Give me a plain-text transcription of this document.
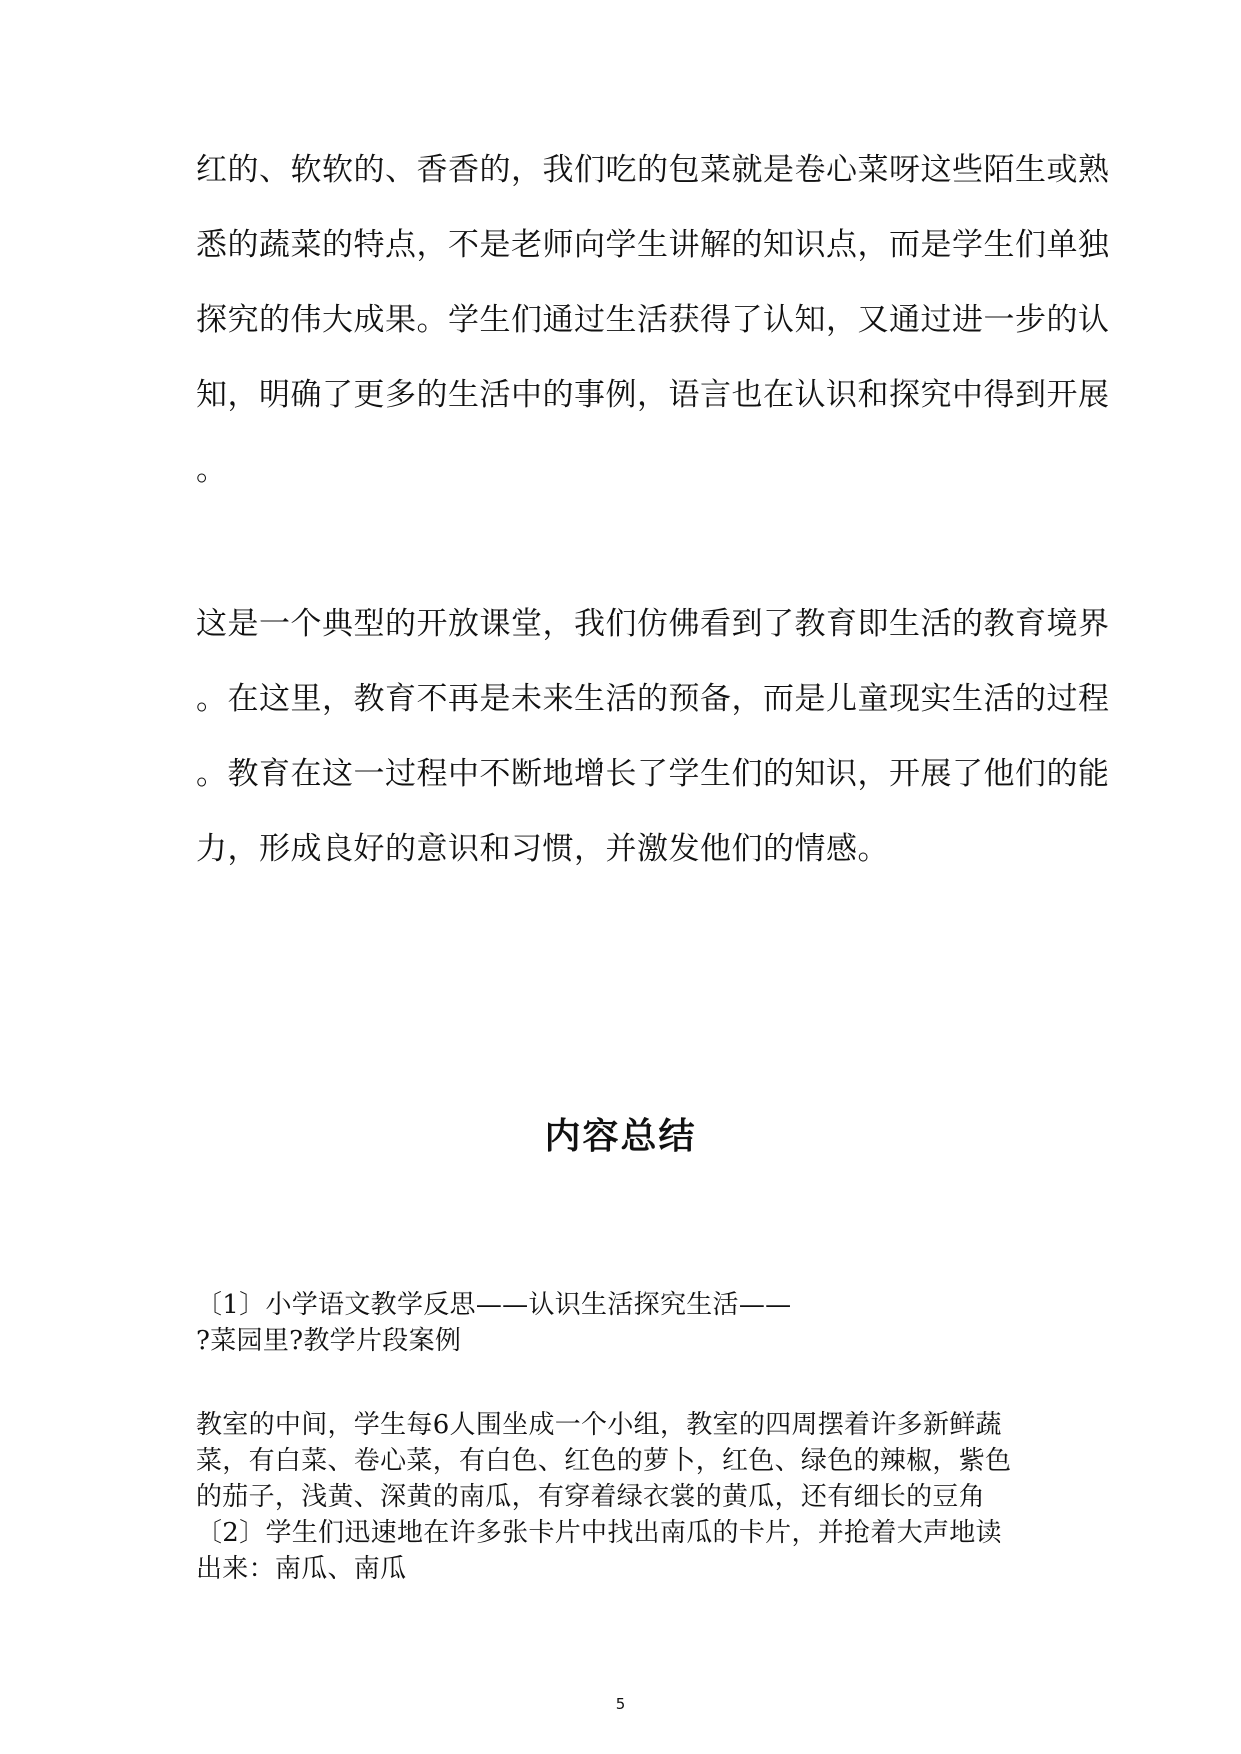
红的、软软的、香香的，我们吃的包菜就是卷心菜呀这些陌生或熟
悉的蔬菜的特点，不是老师向学生讲解的知识点，而是学生们单独
探究的伟大成果。学生们通过生活获得了认知，又通过进一步的认
知，明确了更多的生活中的事例，语言也在认识和探究中得到开展
。
这是一个典型的开放课堂，我们仿佛看到了教育即生活的教育境界
。在这里，教育不再是未来生活的预备，而是儿童现实生活的过程
。教育在这一过程中不断地增长了学生们的知识，开展了他们的能
力，形成良好的意识和习惯，并激发他们的情感。
内容总结
〔1〕小学语文教学反思——认识生活探究生活——
?菜园里?教学片段案例
教室的中间，学生每6人围坐成一个小组，教室的四周摆着许多新鲜蔬
菜，有白菜、卷心菜，有白色、红色的萝卜，红色、绿色的辣椒，紫色
的茄子，浅黄、深黄的南瓜，有穿着绿衣裳的黄瓜，还有细长的豆角
〔2〕学生们迅速地在许多张卡片中找出南瓜的卡片，并抢着大声地读
出来：南瓜、南瓜
5
